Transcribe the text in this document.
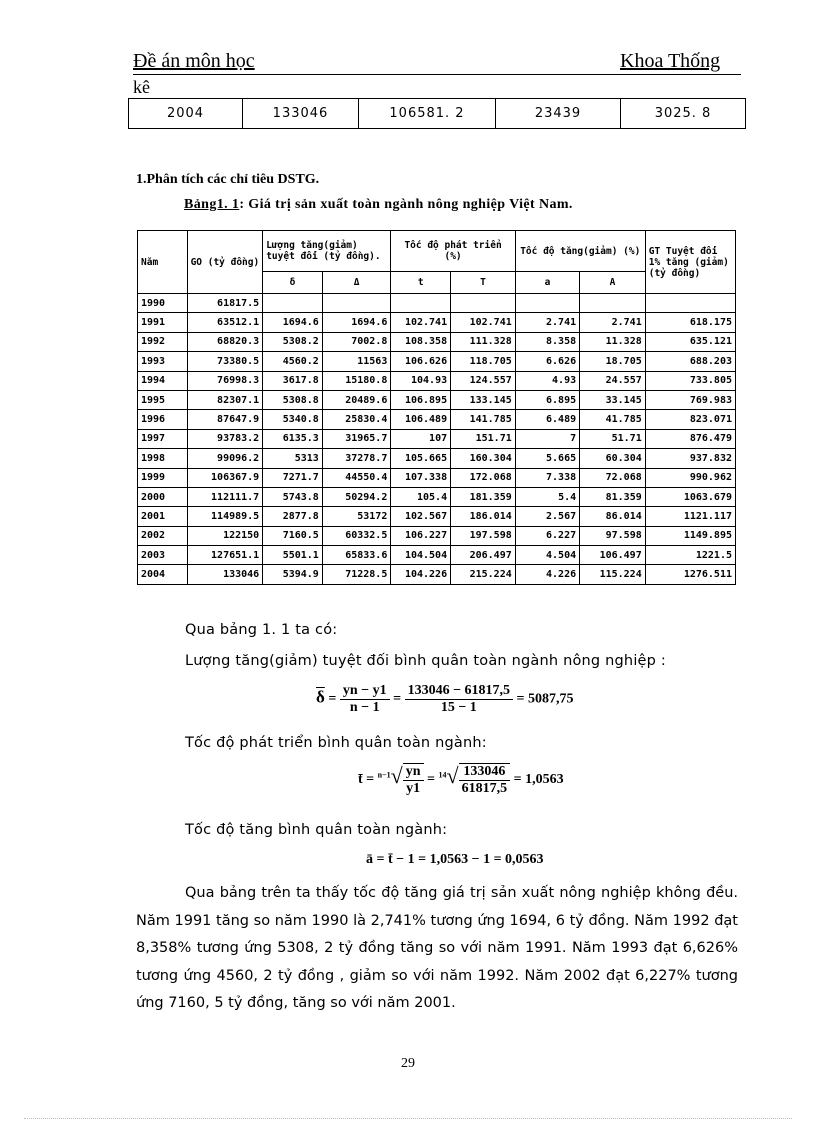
Đề án môn học	Khoa Thống
kê
2004	133046	106581. 2	23439	3025. 8
1.Phân tích các chỉ tiêu DSTG.
Bảng1. 1: Giá trị sản xuất toàn ngành nông nghiệp Việt Nam.
Năm	GO (tỷ đồng)	Lượng tăng(giảm) tuyệt đối (tỷ đồng).		Tốc độ phát triển (%)		Tốc độ tăng(giảm) (%)		GT Tuyệt đối 1% tăng (giảm) (tỷ đồng)
		δ	Δ	t	T	a	A	
1990	61817.5							
1991	63512.1	1694.6	1694.6	102.741	102.741	2.741	2.741	618.175
1992	68820.3	5308.2	7002.8	108.358	111.328	8.358	11.328	635.121
1993	73380.5	4560.2	11563	106.626	118.705	6.626	18.705	688.203
1994	76998.3	3617.8	15180.8	104.93	124.557	4.93	24.557	733.805
1995	82307.1	5308.8	20489.6	106.895	133.145	6.895	33.145	769.983
1996	87647.9	5340.8	25830.4	106.489	141.785	6.489	41.785	823.071
1997	93783.2	6135.3	31965.7	107	151.71	7	51.71	876.479
1998	99096.2	5313	37278.7	105.665	160.304	5.665	60.304	937.832
1999	106367.9	7271.7	44550.4	107.338	172.068	7.338	72.068	990.962
2000	112111.7	5743.8	50294.2	105.4	181.359	5.4	81.359	1063.679
2001	114989.5	2877.8	53172	102.567	186.014	2.567	86.014	1121.117
2002	122150	7160.5	60332.5	106.227	197.598	6.227	97.598	1149.895
2003	127651.1	5501.1	65833.6	104.504	206.497	4.504	106.497	1221.5
2004	133046	5394.9	71228.5	104.226	215.224	4.226	115.224	1276.511
Qua bảng 1. 1 ta có:
Lượng tăng(giảm) tuyệt đối bình quân toàn ngành nông nghiệp :
$\overline{\delta} = \frac{yn - y1}{n - 1} = \frac{133046 - 61817,5}{15 - 1} = 5087,75$
Tốc độ phát triển bình quân toàn ngành:
t̄ = $^{n-1}√ \frac{yn}{y1} = ^{14}√ \frac{133046}{61817,5} = 1,0563$
Tốc độ tăng bình quân toàn ngành:
ā = t̄ − 1 = 1,0563 − 1 = 0,0563
Qua bảng trên ta thấy tốc độ tăng giá trị sản xuất nông nghiệp không đều. Năm 1991 tăng so năm 1990 là 2,741% tương ứng 1694, 6 tỷ đồng. Năm 1992 đạt 8,358% tương ứng 5308, 2 tỷ đồng tăng so với năm 1991. Năm 1993 đạt 6,626% tương ứng 4560, 2 tỷ đồng , giảm so với năm 1992. Năm 2002 đạt 6,227% tương ứng 7160, 5 tỷ đồng, tăng so với năm 2001.
29
